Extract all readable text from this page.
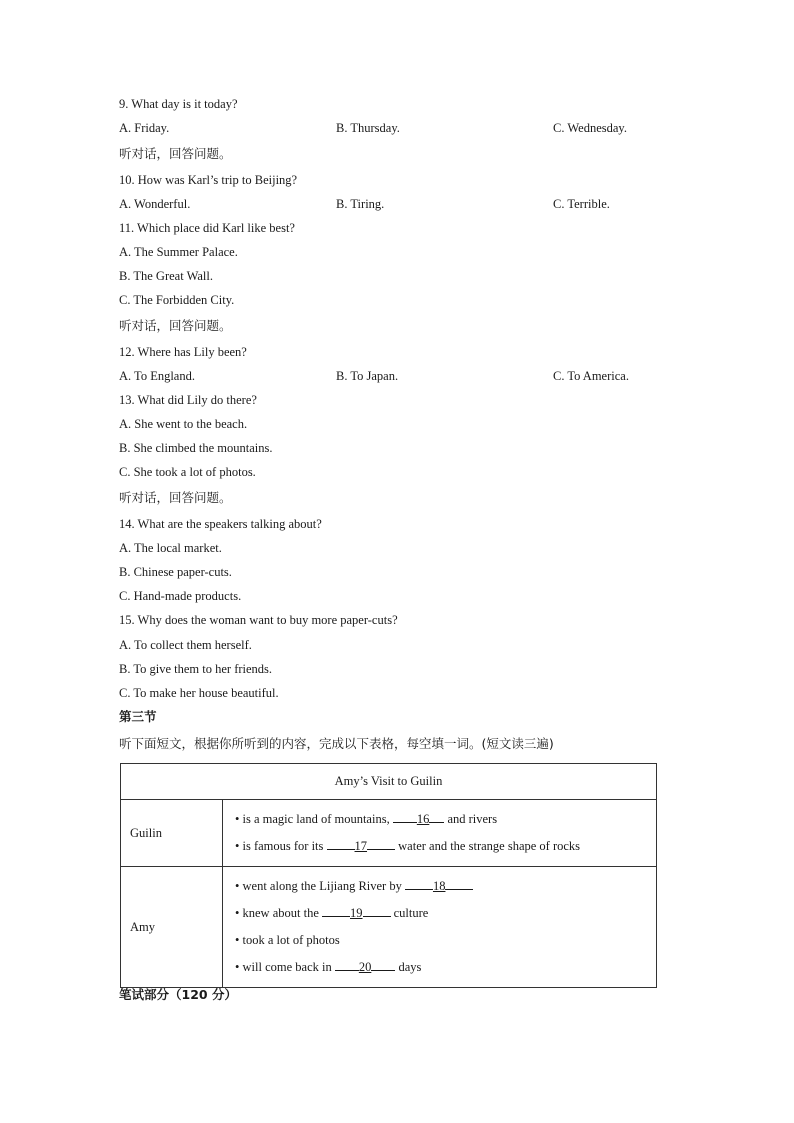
9. What day is it today?
A. Friday.	B. Thursday.	C. Wednesday.
听对话，回答问题。
10. How was Karl’s trip to Beijing?
A. Wonderful.	B. Tiring.	C. Terrible.
11. Which place did Karl like best?
A. The Summer Palace.
B. The Great Wall.
C. The Forbidden City.
听对话，回答问题。
12. Where has Lily been?
A. To England.	B. To Japan.	C. To America.
13. What did Lily do there?
A. She went to the beach.
B. She climbed the mountains.
C. She took a lot of photos.
听对话，回答问题。
14. What are the speakers talking about?
A. The local market.
B. Chinese paper-cuts.
C. Hand-made products.
15. Why does the woman want to buy more paper-cuts?
A. To collect them herself.
B. To give them to her friends.
C. To make her house beautiful.
第三节
听下面短文，根据你所听到的内容，完成以下表格，每空填一词。(短文读三遍)
Amy’s Visit to Guilin	
Guilin	• is a magic land of mountains, 16 and rivers
• is famous for its 17 water and the strange shape of rocks

Amy	• went along the Lijiang River by 18
• knew about the 19 culture
• took a lot of photos
• will come back in 20 days
笔试部分（120 分）
